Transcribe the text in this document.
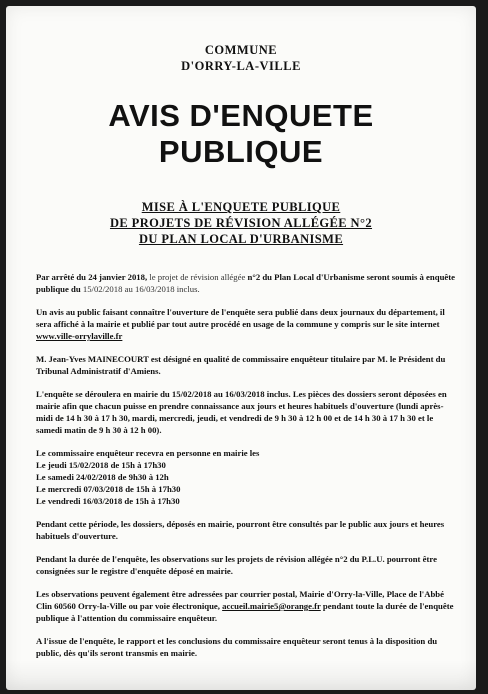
COMMUNE
D'ORRY-LA-VILLE
AVIS D'ENQUETE
PUBLIQUE
MISE À L'ENQUETE PUBLIQUE
DE PROJETS DE RÉVISION ALLÉGÉE N°2
DU PLAN LOCAL D'URBANISME

Par arrêté du 24 janvier 2018, le projet de révision allégée n°2 du Plan Local d'Urbanisme seront soumis à enquête publique du 15/02/2018 au 16/03/2018 inclus.

Un avis au public faisant connaître l'ouverture de l'enquête sera publié dans deux journaux du département, il sera affiché à la mairie et publié par tout autre procédé en usage de la commune y compris sur le site internet www.ville-orrylaville.fr

M. Jean-Yves MAINECOURT est désigné en qualité de commissaire enquêteur titulaire par M. le Président du Tribunal Administratif d'Amiens.

L'enquête se déroulera en mairie du 15/02/2018 au 16/03/2018 inclus. Les pièces des dossiers seront déposées en mairie afin que chacun puisse en prendre connaissance aux jours et heures habituels d'ouverture (lundi après-midi de 14 h 30 à 17 h 30, mardi, mercredi, jeudi, et vendredi de 9 h 30 à 12 h 00 et de 14 h 30 à 17 h 30 et le samedi matin de 9 h 30 à 12 h 00).

Le commissaire enquêteur recevra en personne en mairie les
Le jeudi 15/02/2018 de 15h à 17h30
Le samedi 24/02/2018 de 9h30 à 12h
Le mercredi 07/03/2018 de 15h à 17h30
Le vendredi 16/03/2018 de 15h à 17h30

Pendant cette période, les dossiers, déposés en mairie, pourront être consultés par le public aux jours et heures habituels d'ouverture.

Pendant la durée de l'enquête, les observations sur les projets de révision allégée n°2 du P.L.U. pourront être consignées sur le registre d'enquête déposé en mairie.

Les observations peuvent également être adressées par courrier postal, Mairie d'Orry-la-Ville, Place de l'Abbé Clin 60560 Orry-la-Ville ou par voie électronique, accueil.mairie5@orange.fr pendant toute la durée de l'enquête publique à l'attention du commissaire enquêteur.

A l'issue de l'enquête, le rapport et les conclusions du commissaire enquêteur seront tenus à la disposition du public, dès qu'ils seront transmis en mairie.
